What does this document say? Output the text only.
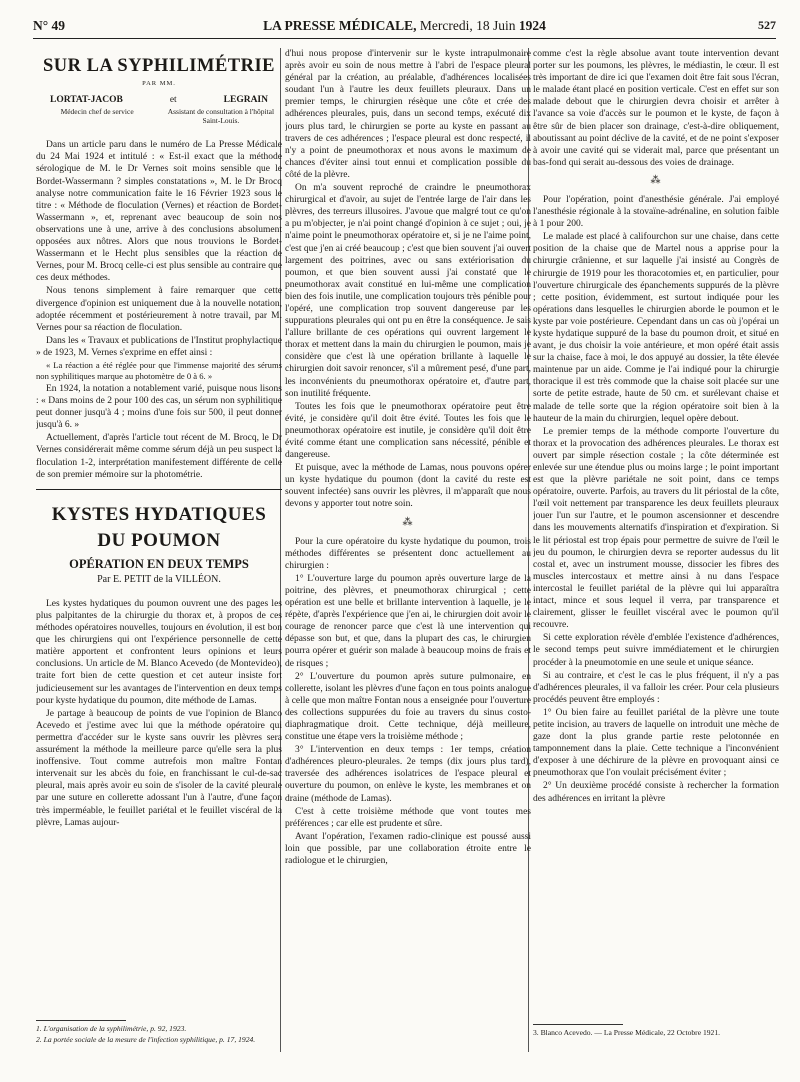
N° 49	LA PRESSE MÉDICALE, Mercredi, 18 Juin 1924	527
SUR LA SYPHILIMÉTRIE
PAR MM.
LORTAT-JACOB	et	LEGRAIN
Médecin chef de service	Assistant de consultation à l'hôpital Saint-Louis.

Dans un article paru dans le numéro de La Presse Médicale du 24 Mai 1924 et intitulé : « Est-il exact que la méthode sérologique de M. le Dr Vernes soit moins sensible que le Bordet-Wassermann ? simples constatations », M. le Dr Brocq analyse notre communication faite le 16 Février 1923 sous le titre : « Méthode de floculation (Vernes) et réaction de Bordet-Wassermann », et, reprenant avec beaucoup de soin nos observations une à une, arrive à des conclusions absolument opposées aux nôtres. Alors que nous trouvions le Bordet-Wassermann et le Hecht plus sensibles que la réaction de Vernes, pour M. Brocq celle-ci est plus sensible au contraire que ces deux méthodes.

Nous tenons simplement à faire remarquer que cette divergence d'opinion est uniquement due à la nouvelle notation, adoptée récemment et postérieurement à notre travail, par M. Vernes pour sa réaction de floculation.

Dans les « Travaux et publications de l'Institut prophylactique » de 1923, M. Vernes s'exprime en effet ainsi :

« La réaction a été réglée pour que l'immense majorité des sérums non syphilitiques marque au photomètre de 0 à 6. »

En 1924, la notation a notablement varié, puisque nous lisons : « Dans moins de 2 pour 100 des cas, un sérum non syphilitique peut donner jusqu'à 4 ; moins d'une fois sur 500, il peut donner jusqu'à 6. »

Actuellement, d'après l'article tout récent de M. Brocq, le Dr Vernes considérerait même comme sérum déjà un peu suspect la floculation 1-2, interprétation manifestement différente de celle de son premier mémoire sur la photométrie.

KYSTES HYDATIQUES
DU POUMON
OPÉRATION EN DEUX TEMPS
Par E. PETIT de la VILLÉON.

Les kystes hydatiques du poumon ouvrent une des pages les plus palpitantes de la chirurgie du thorax et, à propos de ces méthodes opératoires nouvelles, toujours en évolution, il est bon que les chirurgiens qui ont l'expérience personnelle de cette matière apportent et confrontent leurs opinions et leurs conclusions. Un article de M. Blanco Acevedo (de Montevideo), traite fort bien de cette question et cet auteur insiste fort judicieusement sur les avantages de l'intervention en deux temps pour kyste hydatique du poumon, dite méthode de Lamas.

Je partage à beaucoup de points de vue l'opinion de Blanco Acevedo et j'estime avec lui que la méthode opératoire qui permettra d'accéder sur le kyste sans ouvrir les plèvres sera assurément la méthode la meilleure parce qu'elle sera la plus inoffensive. Tout comme autrefois mon maître Fontan intervenait sur les abcès du foie, en franchissant le cul-de-sac pleural, mais après avoir eu soin de s'isoler de la cavité pleurale par une suture en collerette adossant l'un à l'autre, d'une façon très imperméable, le feuillet pariétal et le feuillet viscéral de la plèvre, Lamas aujour-

1. L'organisation de la syphilimétrie, p. 92, 1923.

2. La portée sociale de la mesure de l'infection syphilitique, p. 17, 1924.

d'hui nous propose d'intervenir sur le kyste intrapulmonaire après avoir eu soin de nous mettre à l'abri de l'espace pleural général par la création, au préalable, d'adhérences localisées soudant l'un à l'autre les deux feuillets pleuraux. Dans un premier temps, le chirurgien résèque une côte et crée des adhérences pleurales, puis, dans un second temps, exécuté dix jours plus tard, le chirurgien se porte au kyste en passant au travers de ces adhérences ; l'espace pleural est donc respecté, il n'y a point de pneumothorax et nous avons le maximum de chances d'éviter ainsi tout ennui et complication possible du côté de la plèvre.

On m'a souvent reproché de craindre le pneumothorax chirurgical et d'avoir, au sujet de l'entrée large de l'air dans les plèvres, des terreurs illusoires. J'avoue que malgré tout ce qu'on a pu m'objecter, je n'ai point changé d'opinion à ce sujet ; oui, je n'aime point le pneumothorax opératoire et, si je ne l'aime point, c'est que j'en ai créé beaucoup ; c'est que bien souvent j'ai ouvert largement des poitrines, avec ou sans extériorisation du poumon, et que bien souvent aussi j'ai constaté que le pneumothorax avait constitué en lui-même une complication bien des fois inutile, une complication toujours très pénible pour l'opéré, une complication trop souvent dangereuse par les suppurations pleurales qui ont pu en être la conséquence. Je sais l'allure brillante de ces opérations qui ouvrent largement le thorax et mettent dans la main du chirurgien le poumon, mais je considère que c'est là une opération brillante à laquelle le chirurgien doit savoir renoncer, s'il a mûrement pesé, d'une part, les inconvénients du pneumothorax opératoire et, d'autre part, son inutilité fréquente.

Toutes les fois que le pneumothorax opératoire peut être évité, je considère qu'il doit être évité. Toutes les fois que le pneumothorax opératoire est inutile, je considère qu'il doit être évité comme étant une complication sans nécessité, pénible et dangereuse.

Et puisque, avec la méthode de Lamas, nous pouvons opérer un kyste hydatique du poumon (dont la cavité du reste est souvent infectée) sans ouvrir les plèvres, il m'apparaît que nous devons y apporter tout notre soin.

⁂

Pour la cure opératoire du kyste hydatique du poumon, trois méthodes différentes se présentent donc actuellement au chirurgien :

1° L'ouverture large du poumon après ouverture large de la poitrine, des plèvres, et pneumothorax chirurgical ; cette opération est une belle et brillante intervention à laquelle, je le répète, d'après l'expérience que j'en ai, le chirurgien doit avoir le courage de renoncer parce que c'est là une intervention qui dépasse son but, et que, dans la plupart des cas, le chirurgien pourra opérer et guérir son malade à beaucoup moins de frais et de risques ;

2° L'ouverture du poumon après suture pulmonaire, en collerette, isolant les plèvres d'une façon en tous points analogue à celle que mon maître Fontan nous a enseignée pour l'ouverture des collections suppurées du foie au travers du sinus costo-diaphragmatique droit. Cette technique, déjà meilleure, constitue une étape vers la troisième méthode ;

3° L'intervention en deux temps : 1er temps, création d'adhérences pleuro-pleurales. 2e temps (dix jours plus tard), traversée des adhérences isolatrices de l'espace pleural et ouverture du poumon, on enlève le kyste, les membranes et on draine (méthode de Lamas).

C'est à cette troisième méthode que vont toutes mes préférences ; car elle est prudente et sûre.

Avant l'opération, l'examen radio-clinique est poussé aussi loin que possible, par une collaboration étroite entre le radiologue et le chirurgien,

comme c'est la règle absolue avant toute intervention devant porter sur les poumons, les plèvres, le médiastin, le cœur. Il est très important de dire ici que l'examen doit être fait sous l'écran, le malade étant placé en position verticale. C'est en effet sur son malade debout que le chirurgien devra choisir et arrêter à l'avance sa voie d'accès sur le poumon et le kyste, de façon à être sûr de bien placer son drainage, c'est-à-dire obliquement, aboutissant au point déclive de la cavité, et de ne point s'exposer à avoir une cavité qui se viderait mal, parce que présentant un bas-fond qui serait au-dessous des voies de drainage.

⁂

Pour l'opération, point d'anesthésie générale. J'ai employé l'anesthésie régionale à la stovaïne-adrénaline, en solution faible à 1 pour 200.

Le malade est placé à califourchon sur une chaise, dans cette position de la chaise que de Martel nous a apprise pour la chirurgie crânienne, et sur laquelle j'ai insisté au Congrès de chirurgie de 1919 pour les thoracotomies et, en particulier, pour l'ouverture chirurgicale des épanchements suppurés de la plèvre ; cette position, évidemment, est surtout indiquée pour les opérations dans lesquelles le chirurgien aborde le poumon et le kyste par voie postérieure. Cependant dans un cas où j'opérai un kyste hydatique suppuré de la base du poumon droit, et situé en avant, je dus choisir la voie antérieure, et mon opéré était assis sur la chaise, face à moi, le dos appuyé au dossier, la tête élevée maintenue par un aide. Comme je l'ai indiqué pour la chirurgie thoracique il est très commode que la chaise soit placée sur une sorte de petite estrade, haute de 50 cm. et surélevant chaise et malade de telle sorte que la région opératoire soit bien à la hauteur de la main du chirurgien, lequel opère debout.

Le premier temps de la méthode comporte l'ouverture du thorax et la provocation des adhérences pleurales. Le thorax est ouvert par simple résection costale ; la côte déterminée est enlevée sur une étendue plus ou moins large ; le point important est que la plèvre pariétale ne soit point, dans ce temps opératoire, ouverte. Parfois, au travers du lit périostal de la côte, l'œil voit nettement par transparence les deux feuillets pleuraux jouer l'un sur l'autre, et le poumon ascensionner et descendre dans les mouvements alternatifs d'inspiration et d'expiration. Si le lit périostal est trop épais pour permettre de suivre de l'œil le jeu du poumon, le chirurgien devra se reporter audessus du lit costal et, avec un instrument mousse, dissocier les fibres des muscles intercostaux et mettre ainsi à nu dans l'espace intercostal le feuillet pariétal de la plèvre qui lui apparaîtra intact, mince et sous lequel il verra, par transparence et clairement, glisser le feuillet viscéral avec le poumon qu'il recouvre.

Si cette exploration révèle d'emblée l'existence d'adhérences, le second temps peut suivre immédiatement et le chirurgien procéder à la pneumotomie en une seule et unique séance.

Si au contraire, et c'est le cas le plus fréquent, il n'y a pas d'adhérences pleurales, il va falloir les créer. Pour cela plusieurs procédés peuvent être employés :

1° Ou bien faire au feuillet pariétal de la plèvre une toute petite incision, au travers de laquelle on introduit une mèche de gaze dont la plus grande partie reste pelotonnée en tamponnement dans la plaie. Cette technique a l'inconvénient d'exposer à une déchirure de la plèvre en provoquant ainsi ce pneumothorax que l'on voulait précisément éviter ;

2° Un deuxième procédé consiste à rechercher la formation des adhérences en irritant la plèvre

3. Blanco Acevedo. — La Presse Médicale, 22 Octobre 1921.
